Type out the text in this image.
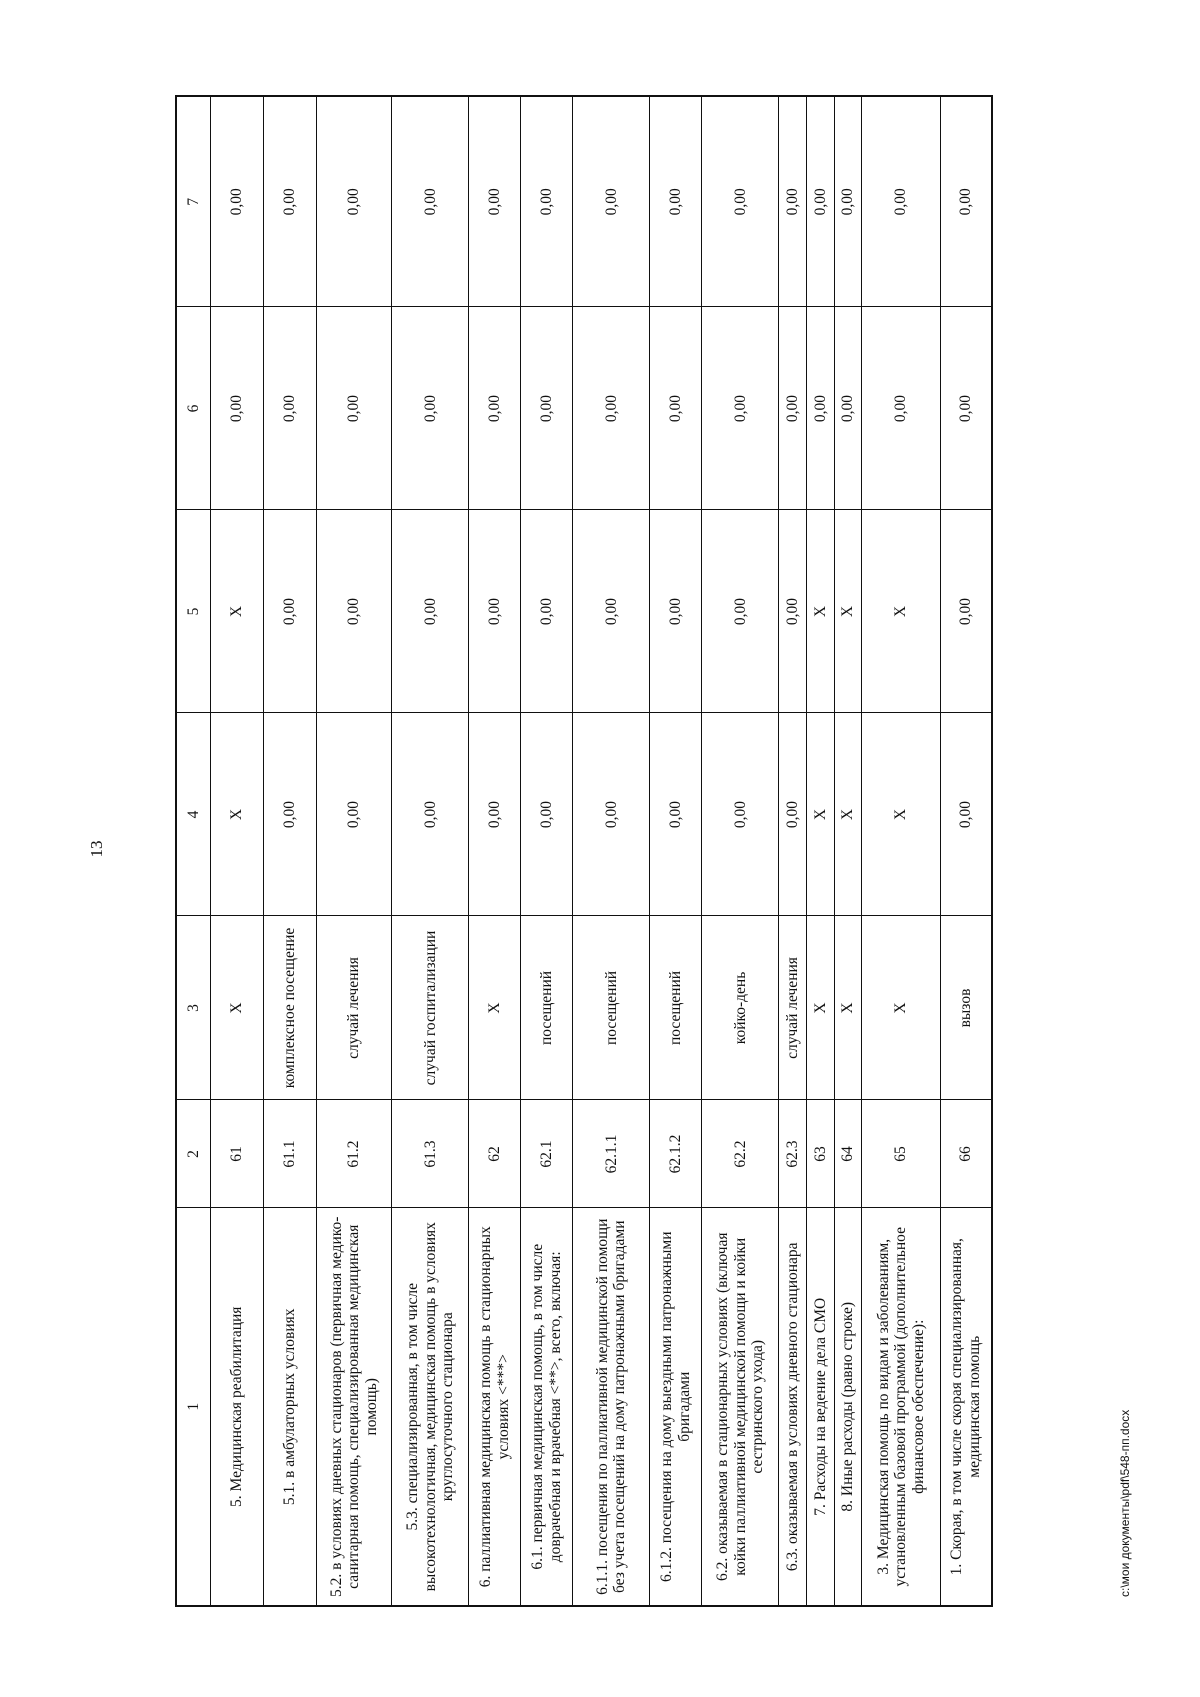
13
1	2	3	4	5	6	7
5. Медицинская реабилитация	61	X	X	X	0,00	0,00
5.1. в амбулаторных условиях	61.1	комплексное посещение	0,00	0,00	0,00	0,00
5.2. в условиях дневных стационаров (первичная медико-санитарная помощь, специализированная медицинская помощь)	61.2	случай лечения	0,00	0,00	0,00	0,00
5.3. специализированная, в том числе высокотехнологичная, медицинская помощь в условиях круглосуточного стационара	61.3	случай госпитализации	0,00	0,00	0,00	0,00
6. паллиативная медицинская помощь в стационарных условиях <***>	62	X	0,00	0,00	0,00	0,00
6.1. первичная медицинская помощь, в том числе доврачебная и врачебная <**>, всего, включая:	62.1	посещений	0,00	0,00	0,00	0,00
6.1.1. посещения по паллиативной медицинской помощи без учета посещений на дому патронажными бригадами	62.1.1	посещений	0,00	0,00	0,00	0,00
6.1.2. посещения на дому выездными патронажными бригадами	62.1.2	посещений	0,00	0,00	0,00	0,00
6.2. оказываемая в стационарных условиях (включая койки паллиативной медицинской помощи и койки сестринского ухода)	62.2	койко-день	0,00	0,00	0,00	0,00
6.3. оказываемая в условиях дневного стационара	62.3	случай лечения	0,00	0,00	0,00	0,00
7. Расходы на ведение дела СМО	63	X	X	X	0,00	0,00
8. Иные расходы (равно строке)	64	X	X	X	0,00	0,00
3. Медицинская помощь по видам и заболеваниям, установленным базовой программой (дополнительное финансовое обеспечение):	65	X	X	X	0,00	0,00
1. Скорая, в том числе скорая специализированная, медицинская помощь	66	вызов	0,00	0,00	0,00	0,00
c:\мои документы\pdf\548-пп.docx
